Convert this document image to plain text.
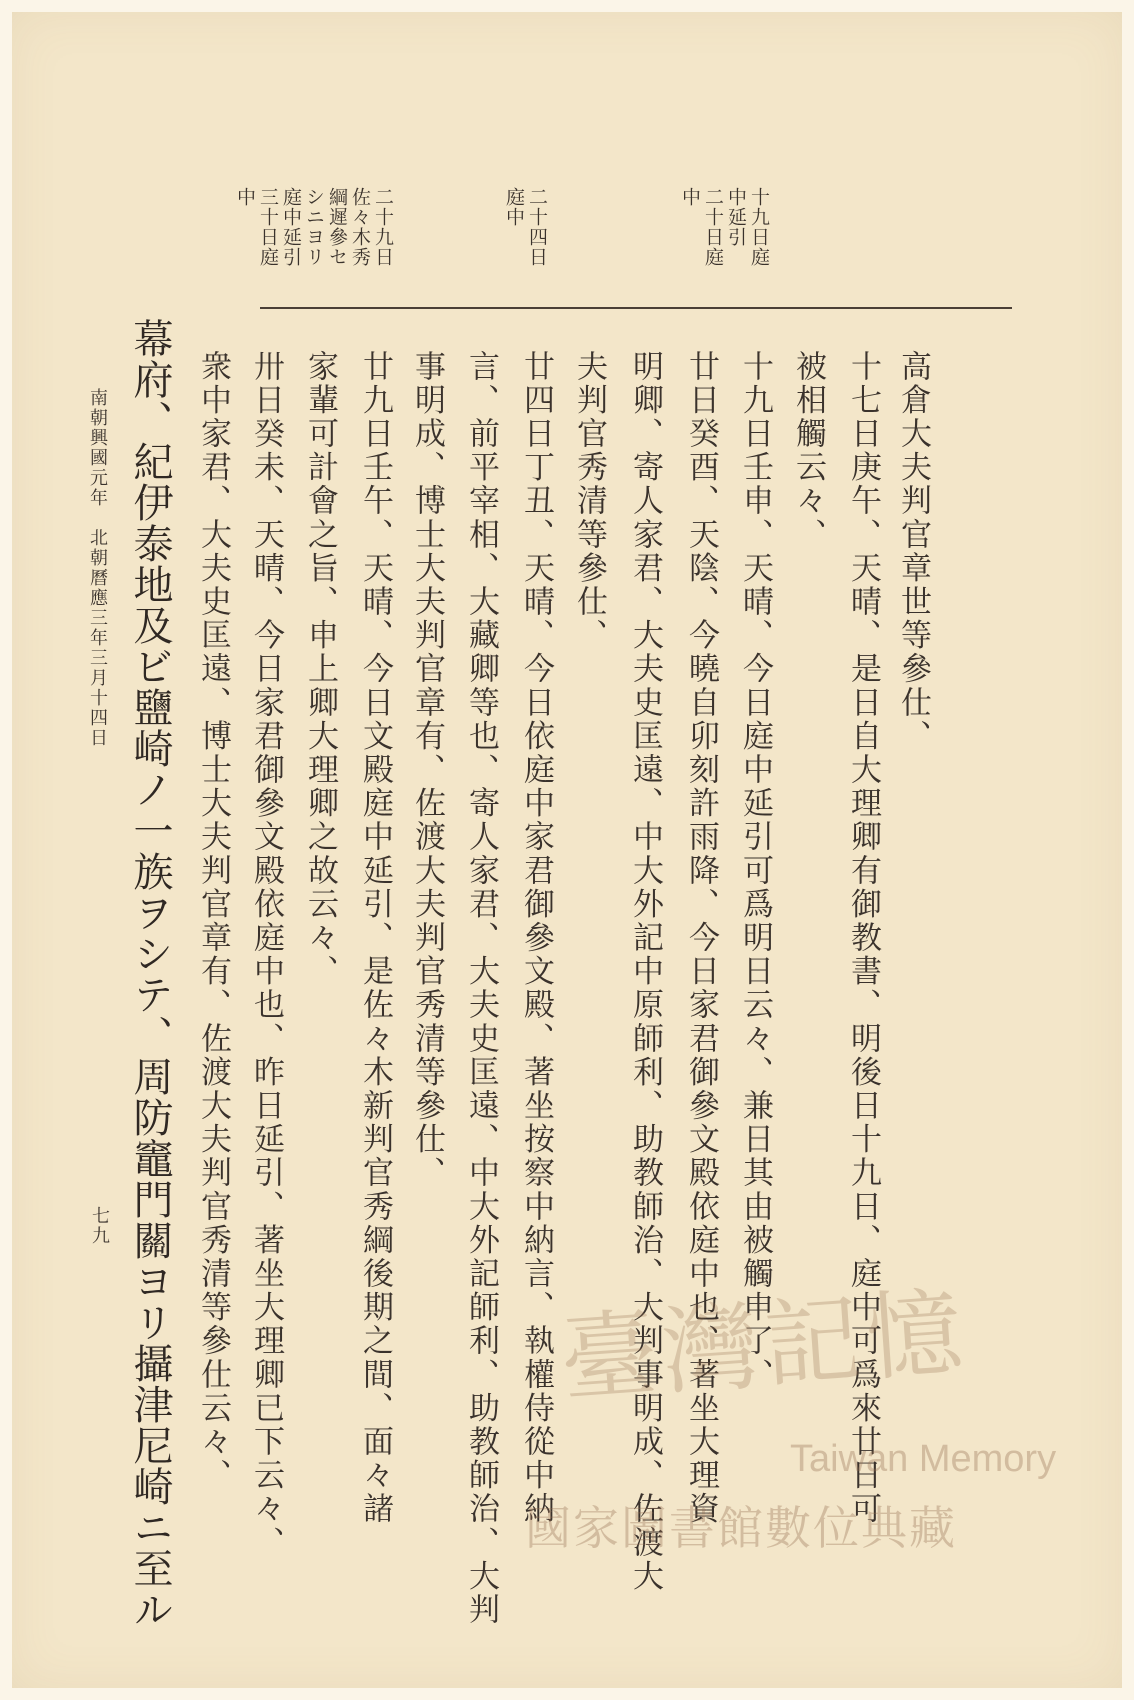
十九日庭
中延引
二十日庭
中
二十四日
庭中
二十九日
佐々木秀
綱遲參セ
シニヨリ
庭中延引
三十日庭
中
高倉大夫判官章世等參仕、
十七日庚午、天晴、是日自大理卿有御教書、明後日十九日、庭中可爲來廿日可
被相觸云々、
十九日壬申、天晴、今日庭中延引可爲明日云々、兼日其由被觸申了、
廿日癸酉、天陰、今曉自卯刻許雨降、今日家君御參文殿依庭中也、著坐大理資
明卿、寄人家君、大夫史匡遠、中大外記中原師利、助教師治、大判事明成、佐渡大
夫判官秀清等參仕、
廿四日丁丑、天晴、今日依庭中家君御參文殿、著坐按察中納言、執權侍從中納
言、前平宰相、大藏卿等也、寄人家君、大夫史匡遠、中大外記師利、助教師治、大判
事明成、博士大夫判官章有、佐渡大夫判官秀清等參仕、
廿九日壬午、天晴、今日文殿庭中延引、是佐々木新判官秀綱後期之間、面々諸
家輩可計會之旨、申上卿大理卿之故云々、
卅日癸未、天晴、今日家君御參文殿依庭中也、昨日延引、著坐大理卿已下云々、
衆中家君、大夫史匡遠、博士大夫判官章有、佐渡大夫判官秀清等參仕云々、
幕府、紀伊泰地及ビ鹽崎ノ一族ヲシテ、周防竈門關ヨリ攝津尼崎ニ至ル
南朝興國元年　北朝曆應三年三月十四日
七九
臺灣記憶
Taiwan Memory
國家圖書館數位典藏
